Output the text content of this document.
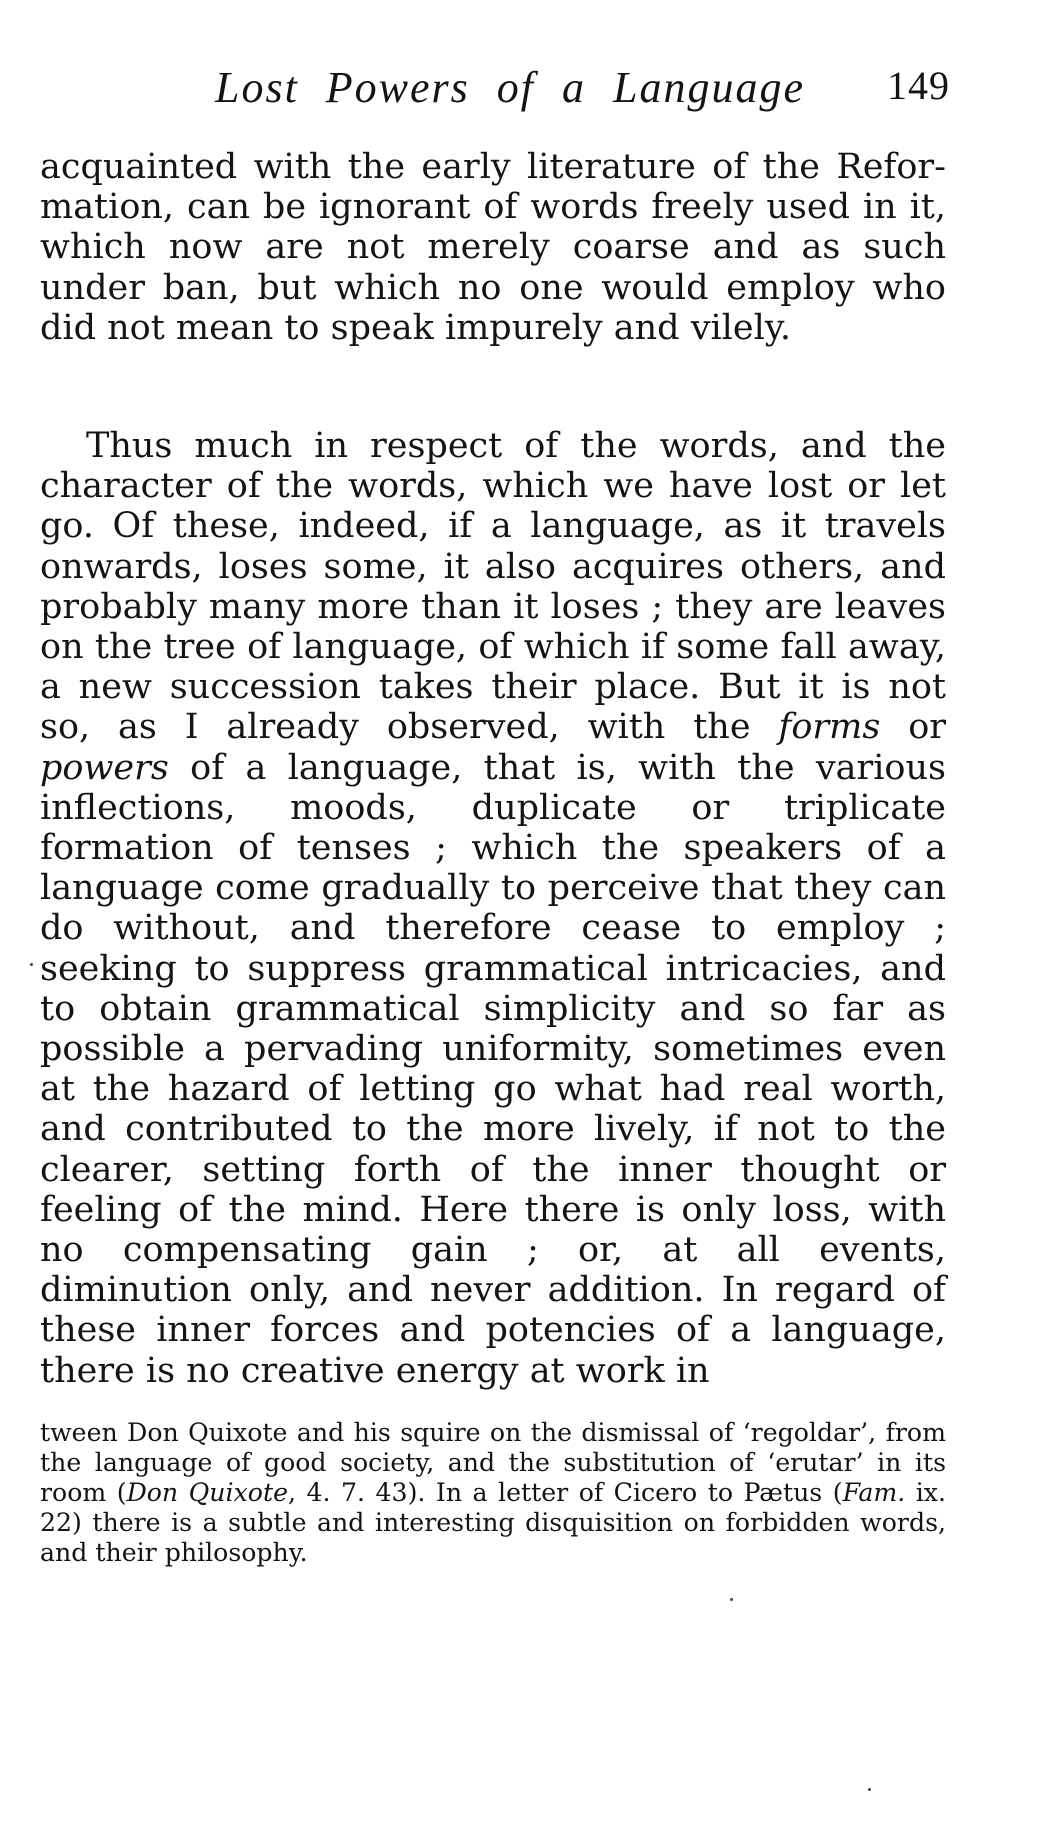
Lost Powers of a Language	149

acquainted with the early literature of the Refor-mation, can be ignorant of words freely used in it, which now are not merely coarse and as such under ban, but which no one would employ who did not mean to speak impurely and vilely.

Thus much in respect of the words, and the character of the words, which we have lost or let go. Of these, indeed, if a language, as it travels onwards, loses some, it also acquires others, and probably many more than it loses ; they are leaves on the tree of language, of which if some fall away, a new succession takes their place. But it is not so, as I already observed, with the forms or powers of a language, that is, with the various inflections, moods, duplicate or triplicate formation of tenses ; which the speakers of a language come gradually to perceive that they can do without, and therefore cease to employ ; seeking to suppress grammatical intricacies, and to obtain grammatical simplicity and so far as possible a pervading uniformity, sometimes even at the hazard of letting go what had real worth, and contributed to the more lively, if not to the clearer, setting forth of the inner thought or feeling of the mind. Here there is only loss, with no compensating gain ; or, at all events, diminution only, and never addition. In regard of these inner forces and potencies of a language, there is no creative energy at work in

tween Don Quixote and his squire on the dismissal of ‘regoldar’, from the language of good society, and the substitution of ‘erutar’ in its room (Don Quixote, 4. 7. 43). In a letter of Cicero to Pætus (Fam. ix. 22) there is a subtle and interesting disquisition on forbidden words, and their philosophy.
